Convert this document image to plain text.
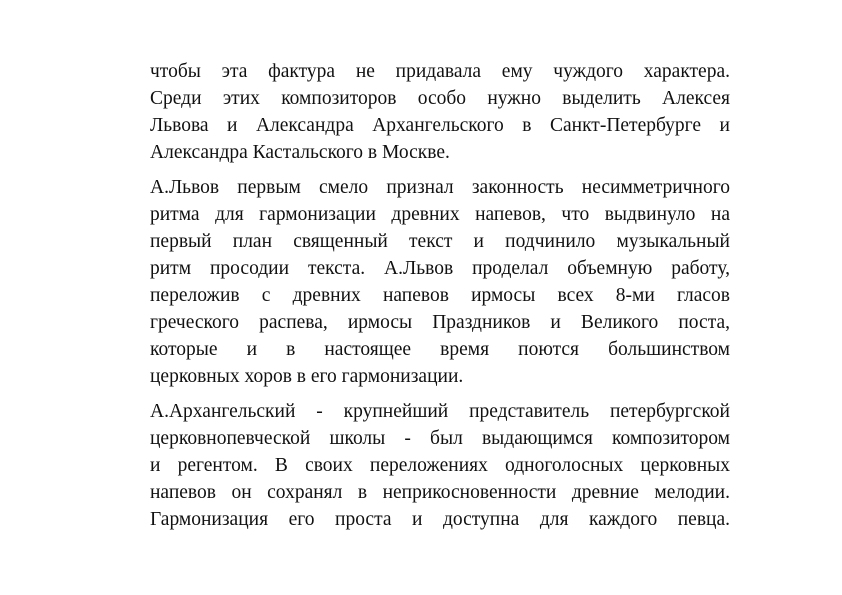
чтобы эта фактура не придавала ему чуждого характера.
Среди этих композиторов особо нужно выделить Алексея
Львова и Александра Архангельского в Санкт-Петербурге и
Александра Кастальского в Москве.

А.Львов первым смело признал законность несимметричного
ритма для гармонизации древних напевов, что выдвинуло на
первый план священный текст и подчинило музыкальный
ритм просодии текста. А.Львов проделал объемную работу,
переложив с древних напевов ирмосы всех 8-ми гласов
греческого распева, ирмосы Праздников и Великого поста,
которые и в настоящее время поются большинством
церковных хоров в его гармонизации.

А.Архангельский - крупнейший представитель петербургской
церковнопевческой школы - был выдающимся композитором
и регентом. В своих переложениях одноголосных церковных
напевов он сохранял в неприкосновенности древние мелодии.
Гармонизация его проста и доступна для каждого певца.
